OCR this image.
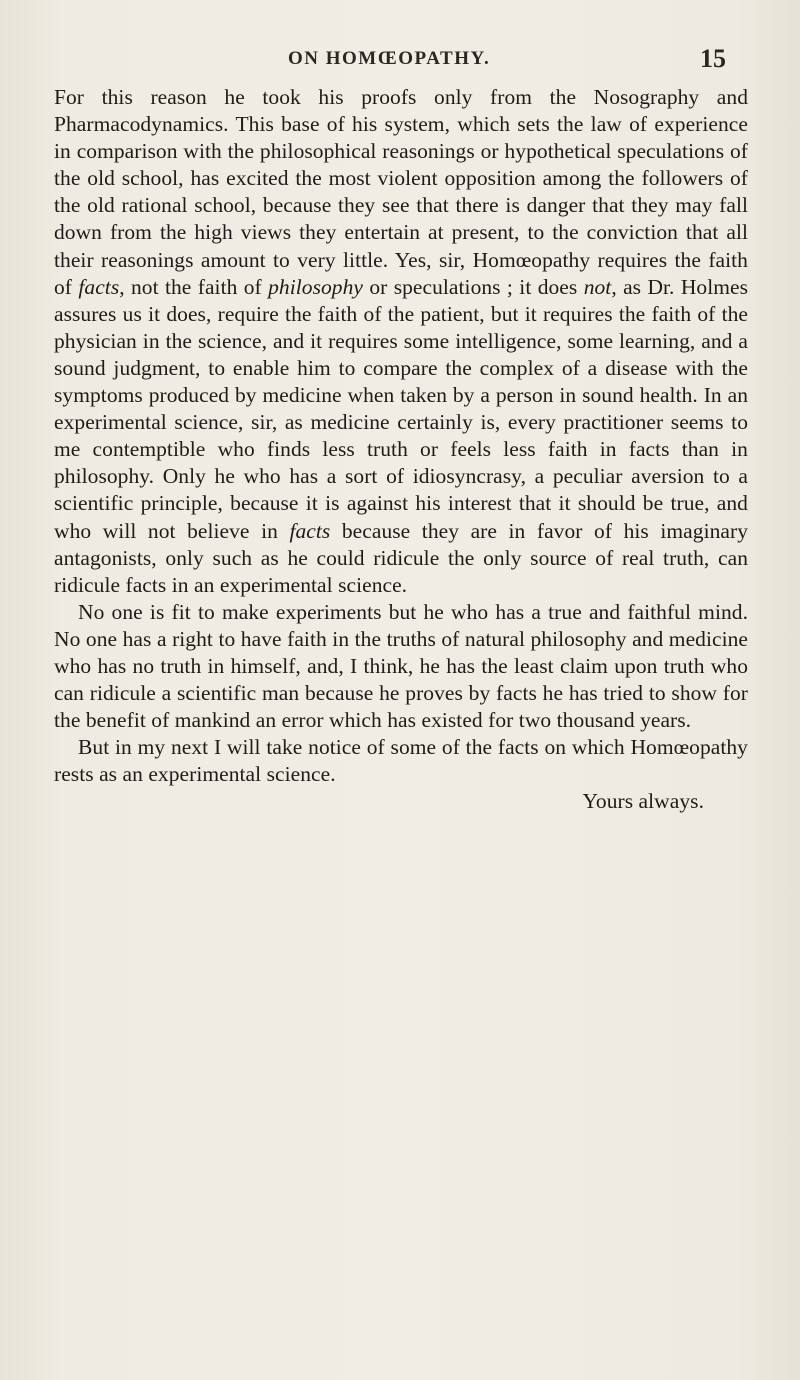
ON HOMŒOPATHY.	15

For this reason he took his proofs only from the Nosography and Pharmacodynamics. This base of his system, which sets the law of experience in comparison with the philosophical reasonings or hypothetical speculations of the old school, has excited the most violent opposition among the followers of the old rational school, because they see that there is danger that they may fall down from the high views they entertain at present, to the conviction that all their reasonings amount to very little. Yes, sir, Homœopathy requires the faith of facts, not the faith of philosophy or speculations ; it does not, as Dr. Holmes assures us it does, require the faith of the patient, but it requires the faith of the physician in the science, and it requires some intelligence, some learning, and a sound judgment, to enable him to compare the complex of a disease with the symptoms produced by medicine when taken by a person in sound health. In an experimental science, sir, as medicine certainly is, every practitioner seems to me contemptible who finds less truth or feels less faith in facts than in philosophy. Only he who has a sort of idiosyncrasy, a peculiar aversion to a scientific principle, because it is against his interest that it should be true, and who will not believe in facts because they are in favor of his imaginary antagonists, only such as he could ridicule the only source of real truth, can ridicule facts in an experimental science.

No one is fit to make experiments but he who has a true and faithful mind. No one has a right to have faith in the truths of natural philosophy and medicine who has no truth in himself, and, I think, he has the least claim upon truth who can ridicule a scientific man because he proves by facts he has tried to show for the benefit of mankind an error which has existed for two thousand years.

But in my next I will take notice of some of the facts on which Homœopathy rests as an experimental science.

Yours always.
